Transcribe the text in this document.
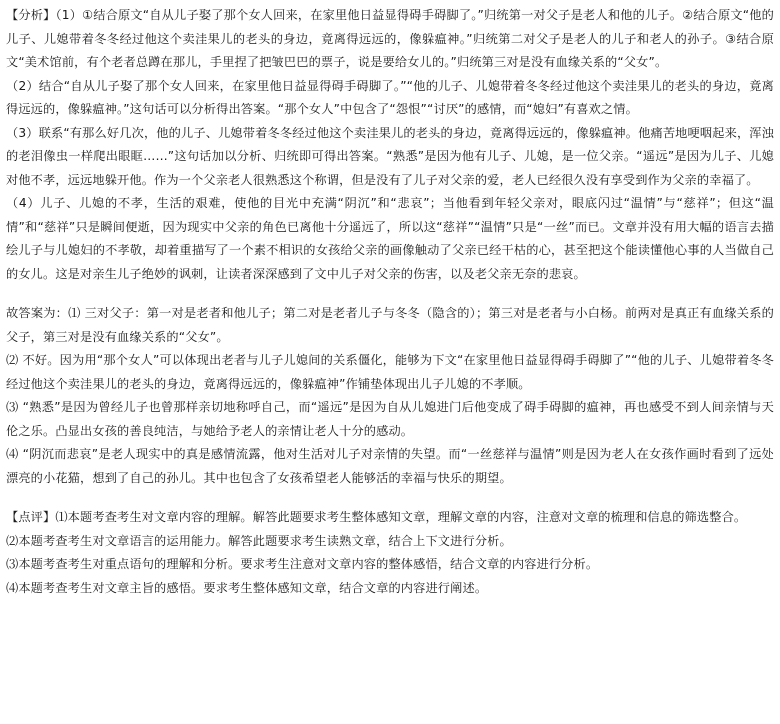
【分析】（1）①结合原文“自从儿子娶了那个女人回来，在家里他日益显得碍手碍脚了。”归统第一对父子是老人和他的儿子。②结合原文“他的儿子、儿媳带着冬冬经过他这个卖洼果儿的老头的身边，竟离得远远的，像躲瘟神。”归统第二对父子是老人的儿子和老人的孙子。③结合原文“美术馆前，有个老者总蹲在那儿，手里捏了把皱巴巴的票子，说是要给女儿的。”归统第三对是没有血缘关系的“父女”。

（2）结合“自从儿子娶了那个女人回来，在家里他日益显得碍手碍脚了。”“他的儿子、儿媳带着冬冬经过他这个卖洼果儿的老头的身边，竟离得远远的，像躲瘟神。”这句话可以分析得出答案。“那个女人”中包含了“怨恨”“讨厌”的感情，而“媳妇”有喜欢之情。

（3）联系“有那么好几次，他的儿子、儿媳带着冬冬经过他这个卖洼果儿的老头的身边，竟离得远远的，像躲瘟神。他痛苦地哽咽起来，浑浊的老泪像虫一样爬出眼眶……”这句话加以分析、归统即可得出答案。“熟悉”是因为他有儿子、儿媳，是一位父亲。“遥远”是因为儿子、儿媳对他不孝，远远地躲开他。作为一个父亲老人很熟悉这个称谓，但是没有了儿子对父亲的爱，老人已经很久没有享受到作为父亲的幸福了。

（4）儿子、儿媳的不孝，生活的艰难，使他的目光中充满“阴沉”和“悲哀”；当他看到年轻父亲对，眼底闪过“温情”与“慈祥”；但这“温情”和“慈祥”只是瞬间便逝，因为现实中父亲的角色已离他十分遥远了，所以这“慈祥”“温情”只是“一丝”而已。文章并没有用大幅的语言去描绘儿子与儿媳妇的不孝敬，却着重描写了一个素不相识的女孩给父亲的画像触动了父亲已经干枯的心，甚至把这个能读懂他心事的人当做自己的女儿。这是对亲生儿子绝妙的讽刺，让读者深深感到了文中儿子对父亲的伤害，以及老父亲无奈的悲哀。

故答案为：⑴ 三对父子：第一对是老者和他儿子；第二对是老者儿子与冬冬（隐含的）；第三对是老者与小白杨。前两对是真正有血缘关系的父子，第三对是没有血缘关系的“父女”。

⑵ 不好。因为用“那个女人”可以体现出老者与儿子儿媳间的关系僵化，能够为下文“在家里他日益显得碍手碍脚了”“他的儿子、儿媳带着冬冬经过他这个卖洼果儿的老头的身边，竟离得远远的，像躲瘟神”作铺垫体现出儿子儿媳的不孝顺。

⑶ “熟悉”是因为曾经儿子也曾那样亲切地称呼自己，而“遥远”是因为自从儿媳进门后他变成了碍手碍脚的瘟神，再也感受不到人间亲情与天伦之乐。凸显出女孩的善良纯洁，与她给予老人的亲情让老人十分的感动。

⑷ “阴沉而悲哀”是老人现实中的真是感情流露，他对生活对儿子对亲情的失望。而“一丝慈祥与温情”则是因为老人在女孩作画时看到了远处漂亮的小花猫，想到了自己的孙儿。其中也包含了女孩希望老人能够活的幸福与快乐的期望。

【点评】⑴本题考查考生对文章内容的理解。解答此题要求考生整体感知文章，理解文章的内容，注意对文章的梳理和信息的筛选整合。

⑵本题考查考生对文章语言的运用能力。解答此题要求考生读熟文章，结合上下文进行分析。

⑶本题考查考生对重点语句的理解和分析。要求考生注意对文章内容的整体感悟，结合文章的内容进行分析。

⑷本题考查考生对文章主旨的感悟。要求考生整体感知文章，结合文章的内容进行阐述。
